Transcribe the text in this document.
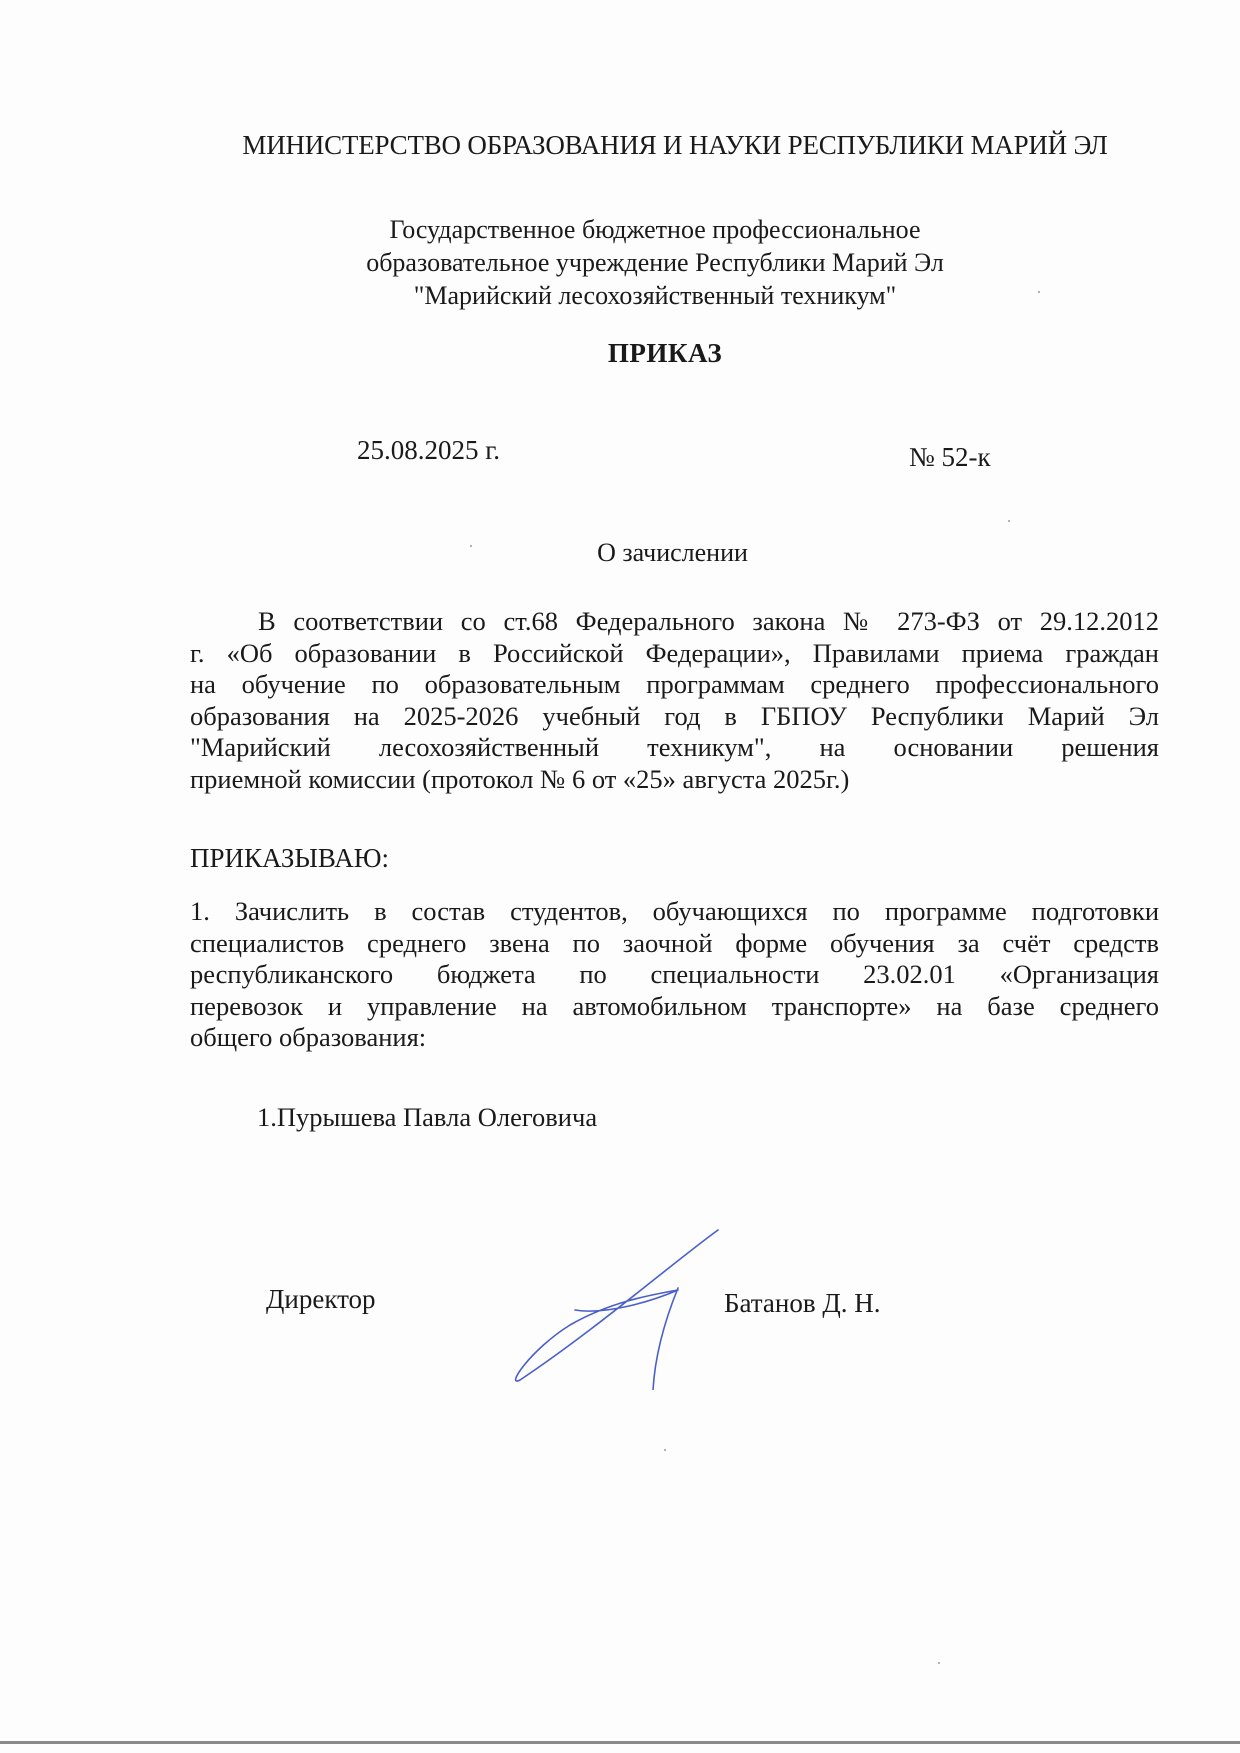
МИНИСТЕРСТВО ОБРАЗОВАНИЯ И НАУКИ РЕСПУБЛИКИ МАРИЙ ЭЛ
Государственное бюджетное профессиональное
образовательное учреждение Республики Марий Эл
"Марийский лесохозяйственный техникум"
ПРИКАЗ
25.08.2025 г.	№ 52-к
О зачислении
В соответствии со ст.68 Федерального закона № 273-ФЗ от 29.12.2012
г. «Об образовании в Российской Федерации», Правилами приема граждан
на обучение по образовательным программам среднего профессионального
образования на 2025-2026 учебный год в ГБПОУ Республики Марий Эл
"Марийский лесохозяйственный техникум", на основании решения
приемной комиссии (протокол № 6 от «25» августа 2025г.)
ПРИКАЗЫВАЮ:
1. Зачислить в состав студентов, обучающихся по программе подготовки
специалистов среднего звена по заочной форме обучения за счёт средств
республиканского бюджета по специальности 23.02.01 «Организация
перевозок и управление на автомобильном транспорте» на базе среднего
общего образования:
1.Пурышева Павла Олеговича
Директор	Батанов Д. Н.
